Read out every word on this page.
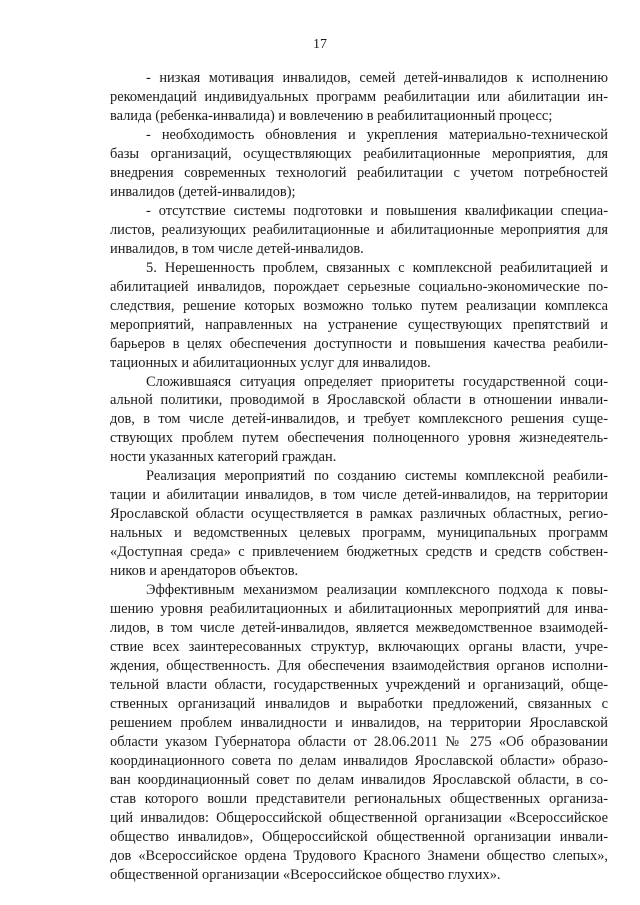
17
- низкая мотивация инвалидов, семей детей-инвалидов к исполнению
рекомендаций индивидуальных программ реабилитации или абилитации ин-
валида (ребенка-инвалида) и вовлечению в реабилитационный процесс;
- необходимость обновления и укрепления материально-технической
базы организаций, осуществляющих реабилитационные мероприятия, для
внедрения современных технологий реабилитации с учетом потребностей
инвалидов (детей-инвалидов);
- отсутствие системы подготовки и повышения квалификации специа-
листов, реализующих реабилитационные и абилитационные мероприятия для
инвалидов, в том числе детей-инвалидов.
5. Нерешенность проблем, связанных с комплексной реабилитацией и
абилитацией инвалидов, порождает серьезные социально-экономические по-
следствия, решение которых возможно только путем реализации комплекса
мероприятий, направленных на устранение существующих препятствий и
барьеров в целях обеспечения доступности и повышения качества реабили-
тационных и абилитационных услуг для инвалидов.
Сложившаяся ситуация определяет приоритеты государственной соци-
альной политики, проводимой в Ярославской области в отношении инвали-
дов, в том числе детей-инвалидов, и требует комплексного решения суще-
ствующих проблем путем обеспечения полноценного уровня жизнедеятель-
ности указанных категорий граждан.
Реализация мероприятий по созданию системы комплексной реабили-
тации и абилитации инвалидов, в том числе детей-инвалидов, на территории
Ярославской области осуществляется в рамках различных областных, регио-
нальных и ведомственных целевых программ, муниципальных программ
«Доступная среда» с привлечением бюджетных средств и средств собствен-
ников и арендаторов объектов.
Эффективным механизмом реализации комплексного подхода к повы-
шению уровня реабилитационных и абилитационных мероприятий для инва-
лидов, в том числе детей-инвалидов, является межведомственное взаимодей-
ствие всех заинтересованных структур, включающих органы власти, учре-
ждения, общественность. Для обеспечения взаимодействия органов исполни-
тельной власти области, государственных учреждений и организаций, обще-
ственных организаций инвалидов и выработки предложений, связанных с
решением проблем инвалидности и инвалидов, на территории Ярославской
области указом Губернатора области от 28.06.2011 № 275 «Об образовании
координационного совета по делам инвалидов Ярославской области» образо-
ван координационный совет по делам инвалидов Ярославской области, в со-
став которого вошли представители региональных общественных организа-
ций инвалидов: Общероссийской общественной организации «Всероссийское
общество инвалидов», Общероссийской общественной организации инвали-
дов «Всероссийское ордена Трудового Красного Знамени общество слепых»,
общественной организации «Всероссийское общество глухих».
